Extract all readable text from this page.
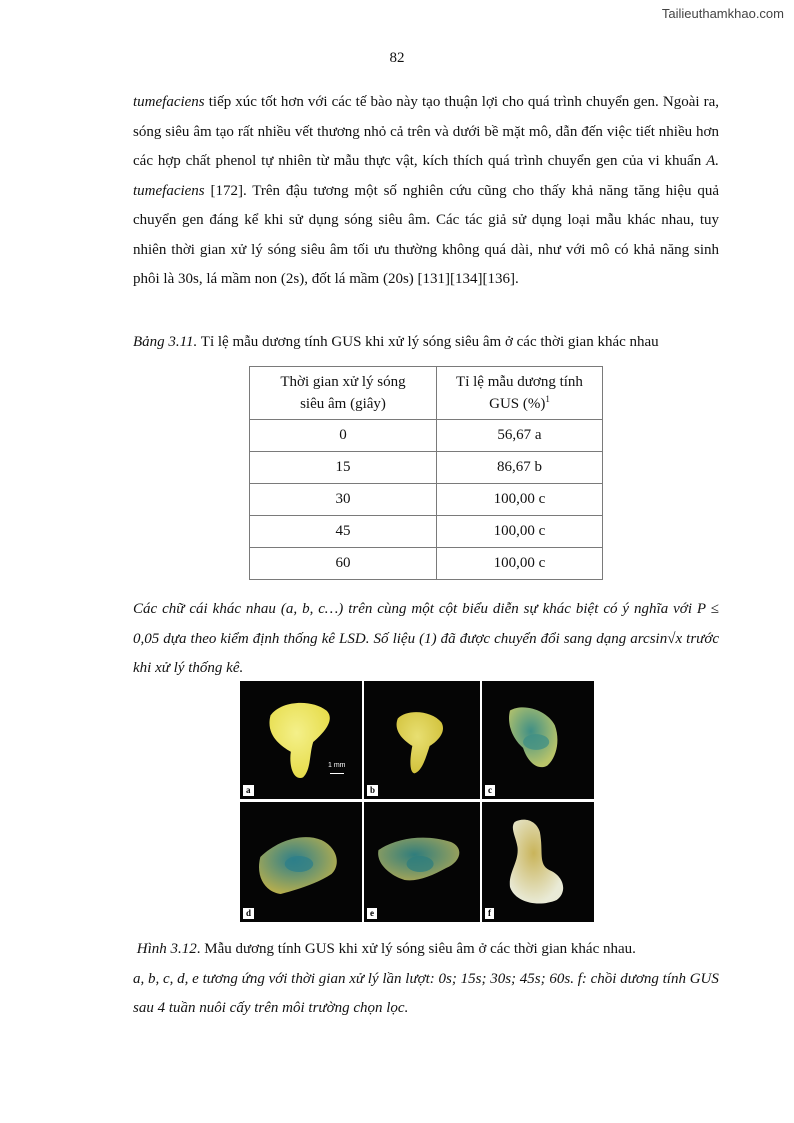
Tailieuthamkhao.com
82

tumefaciens tiếp xúc tốt hơn với các tế bào này tạo thuận lợi cho quá trình chuyển gen. Ngoài ra, sóng siêu âm tạo rất nhiều vết thương nhỏ cả trên và dưới bề mặt mô, dẫn đến việc tiết nhiều hơn các hợp chất phenol tự nhiên từ mẫu thực vật, kích thích quá trình chuyển gen của vi khuẩn A. tumefaciens [172]. Trên đậu tương một số nghiên cứu cũng cho thấy khả năng tăng hiệu quả chuyển gen đáng kể khi sử dụng sóng siêu âm. Các tác giả sử dụng loại mẫu khác nhau, tuy nhiên thời gian xử lý sóng siêu âm tối ưu thường không quá dài, như với mô có khả năng sinh phôi là 30s, lá mầm non (2s), đốt lá mầm (20s) [131][134][136].

Bảng 3.11. Tỉ lệ mẫu dương tính GUS khi xử lý sóng siêu âm ở các thời gian khác nhau
Thời gian xử lý sóng siêu âm (giây)	Tỉ lệ mẫu dương tính GUS (%)$^1$

0	56,67 a
15	86,67 b
30	100,00 c
45	100,00 c
60	100,00 c

Các chữ cái khác nhau (a, b, c…) trên cùng một cột biểu diễn sự khác biệt có ý nghĩa với P ≤ 0,05 dựa theo kiểm định thống kê LSD. Số liệu (1) đã được chuyển đổi sang dạng arcsin√x trước khi xử lý thống kê.

a
1 mm
b	c
d	e	f

Hình 3.12. Mẫu dương tính GUS khi xử lý sóng siêu âm ở các thời gian khác nhau.
a, b, c, d, e tương ứng với thời gian xử lý lần lượt: 0s; 15s; 30s; 45s; 60s. f: chồi dương tính GUS sau 4 tuần nuôi cấy trên môi trường chọn lọc.
